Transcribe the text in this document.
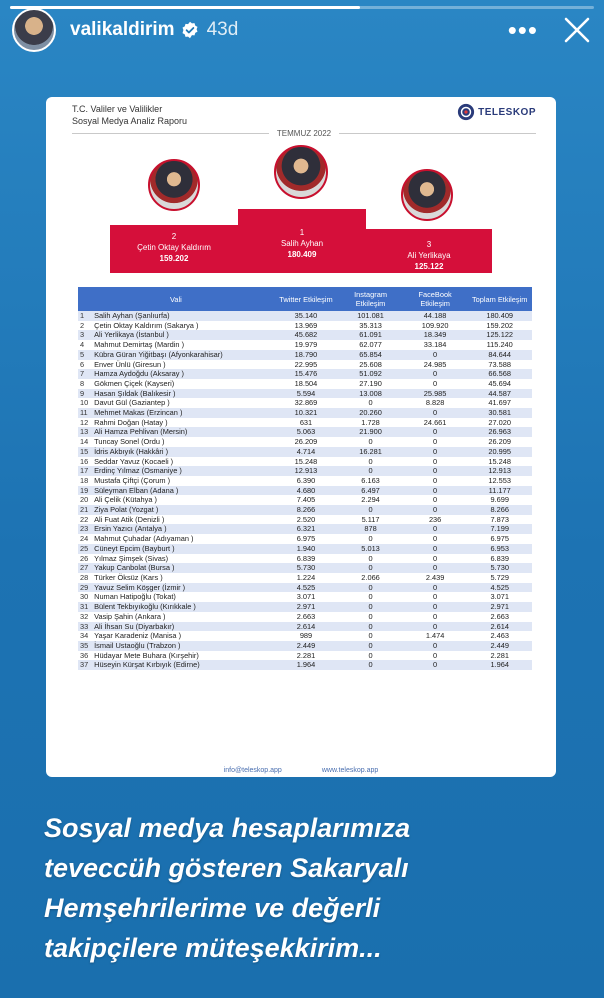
valikaldirim 43d	•••
T.C. Valiler ve Valilikler
Sosyal Medya Analiz Raporu
TELESKOP
TEMMUZ 2022
2
Çetin Oktay Kaldırım
159.202
1
Salih Ayhan
180.409
3
Ali Yerlikaya
125.122
Vali		Twitter Etkileşim	Instagram Etkileşim	FaceBook Etkileşim	Toplam Etkileşim
1	Salih Ayhan (Şanlıurfa)	35.140	101.081	44.188	180.409
2	Çetin Oktay Kaldırım (Sakarya )	13.969	35.313	109.920	159.202
3	Ali Yerlikaya (İstanbul )	45.682	61.091	18.349	125.122
4	Mahmut Demirtaş (Mardin )	19.979	62.077	33.184	115.240
5	Kübra Güran Yiğitbaşı (Afyonkarahisar)	18.790	65.854	0	84.644
6	Enver Ünlü (Giresun )	22.995	25.608	24.985	73.588
7	Hamza Aydoğdu (Aksaray )	15.476	51.092	0	66.568
8	Gökmen Çiçek (Kayseri)	18.504	27.190	0	45.694
9	Hasan Şıldak (Balıkesir )	5.594	13.008	25.985	44.587
10	Davut Gül (Gaziantep )	32.869	0	8.828	41.697
11	Mehmet Makas (Erzincan )	10.321	20.260	0	30.581
12	Rahmi Doğan (Hatay )	631	1.728	24.661	27.020
13	Ali Hamza Pehlivan (Mersin)	5.063	21.900	0	26.963
14	Tuncay Sonel (Ordu )	26.209	0	0	26.209
15	İdris Akbıyık (Hakkâri )	4.714	16.281	0	20.995
16	Seddar Yavuz (Kocaeli )	15.248	0	0	15.248
17	Erdinç Yılmaz (Osmaniye )	12.913	0	0	12.913
18	Mustafa Çiftçi (Çorum )	6.390	6.163	0	12.553
19	Süleyman Elban (Adana )	4.680	6.497	0	11.177
20	Ali Çelik (Kütahya )	7.405	2.294	0	9.699
21	Ziya Polat (Yozgat )	8.266	0	0	8.266
22	Ali Fuat Atik (Denizli )	2.520	5.117	236	7.873
23	Ersin Yazıcı (Antalya )	6.321	878	0	7.199
24	Mahmut Çuhadar (Adıyaman )	6.975	0	0	6.975
25	Cüneyt Epcim (Bayburt )	1.940	5.013	0	6.953
26	Yılmaz Şimşek (Sivas)	6.839	0	0	6.839
27	Yakup Canbolat (Bursa )	5.730	0	0	5.730
28	Türker Öksüz (Kars )	1.224	2.066	2.439	5.729
29	Yavuz Selim Köşger (İzmir )	4.525	0	0	4.525
30	Numan Hatipoğlu (Tokat)	3.071	0	0	3.071
31	Bülent Tekbıyıkoğlu (Kırıkkale )	2.971	0	0	2.971
32	Vasip Şahin (Ankara )	2.663	0	0	2.663
33	Ali İhsan Su (Diyarbakır)	2.614	0	0	2.614
34	Yaşar Karadeniz (Manisa )	989	0	1.474	2.463
35	İsmail Ustaoğlu (Trabzon )	2.449	0	0	2.449
36	Hüdayar Mete Buhara (Kırşehir)	2.281	0	0	2.281
37	Hüseyin Kürşat Kırbıyık (Edirne)	1.964	0	0	1.964
info@teleskop.app	www.teleskop.app
Sosyal medya hesaplarımıza
teveccüh gösteren Sakaryalı
Hemşehrilerime ve değerli
takipçilere müteşekkirim...
